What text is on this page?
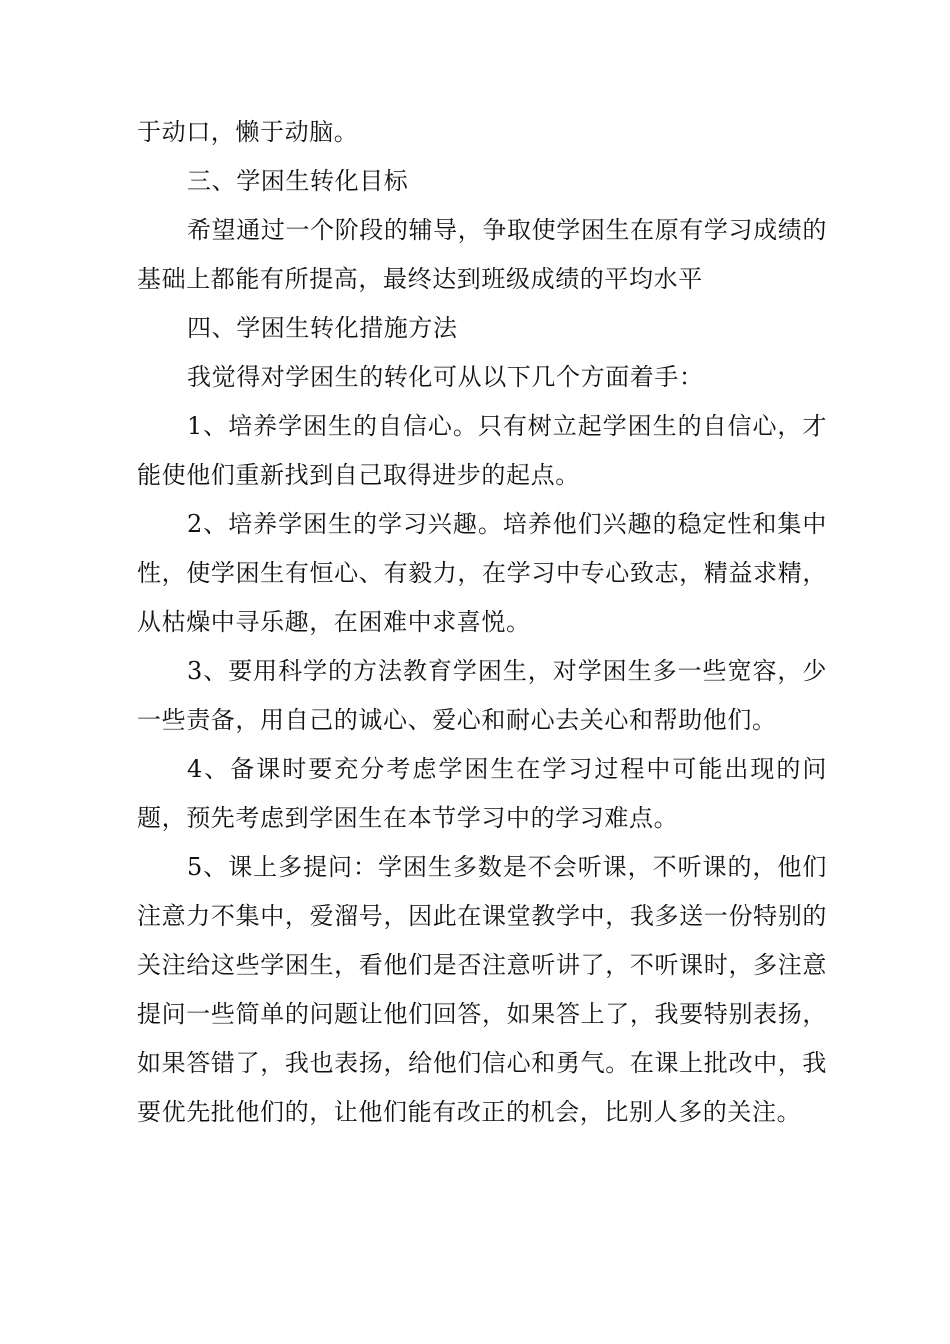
于动口，懒于动脑。

三、学困生转化目标

希望通过一个阶段的辅导，争取使学困生在原有学习成绩的基础上都能有所提高，最终达到班级成绩的平均水平

四、学困生转化措施方法

我觉得对学困生的转化可从以下几个方面着手：

1、培养学困生的自信心。只有树立起学困生的自信心，才能使他们重新找到自己取得进步的起点。

2、培养学困生的学习兴趣。培养他们兴趣的稳定性和集中性，使学困生有恒心、有毅力，在学习中专心致志，精益求精，从枯燥中寻乐趣，在困难中求喜悦。

3、要用科学的方法教育学困生，对学困生多一些宽容，少一些责备，用自己的诚心、爱心和耐心去关心和帮助他们。

4、备课时要充分考虑学困生在学习过程中可能出现的问题，预先考虑到学困生在本节学习中的学习难点。

5、课上多提问：学困生多数是不会听课，不听课的，他们注意力不集中，爱溜号，因此在课堂教学中，我多送一份特别的关注给这些学困生，看他们是否注意听讲了，不听课时，多注意提问一些简单的问题让他们回答，如果答上了，我要特别表扬，如果答错了，我也表扬，给他们信心和勇气。在课上批改中，我要优先批他们的，让他们能有改正的机会，比别人多的关注。
